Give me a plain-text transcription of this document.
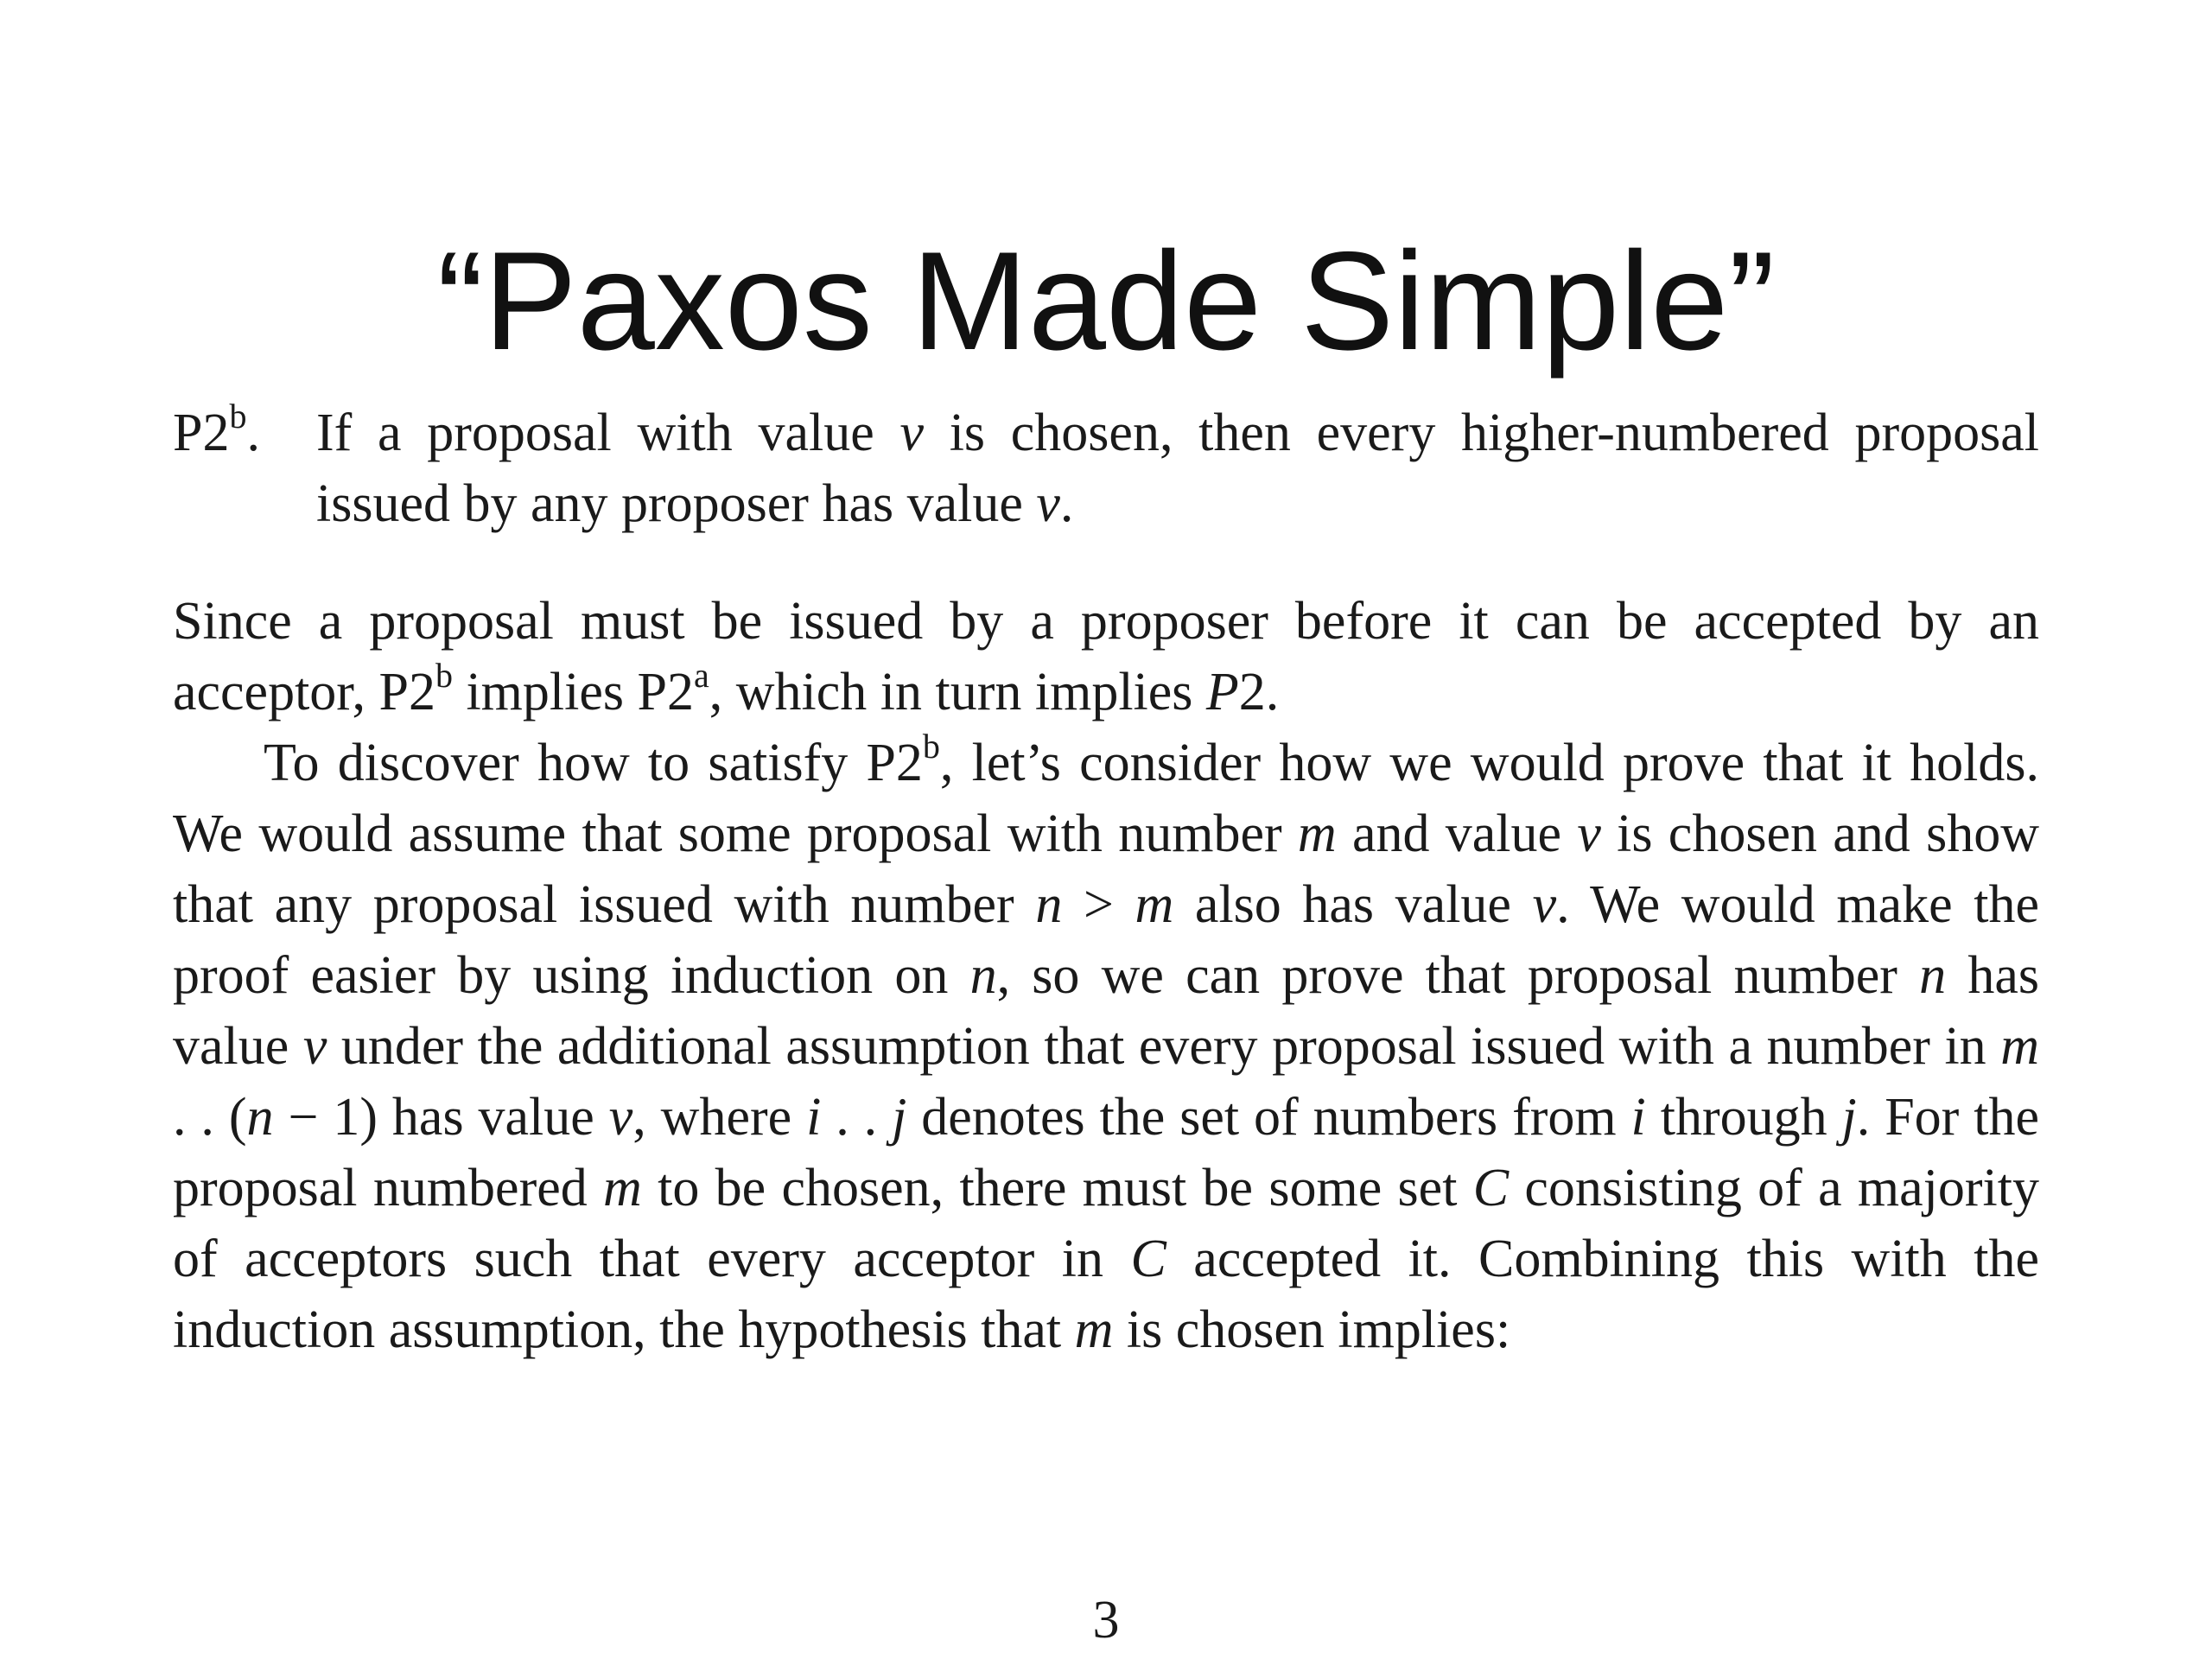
“Paxos Made Simple”
P2$^b$. If a proposal with value v is chosen, then every higher-numbered proposal issued by any proposer has value v.

Since a proposal must be issued by a proposer before it can be accepted by an acceptor, P2$^b$ implies P2$^a$, which in turn implies P2.

To discover how to satisfy P2$^b$, let’s consider how we would prove that it holds. We would assume that some proposal with number m and value v is chosen and show that any proposal issued with number n > m also has value v. We would make the proof easier by using induction on n, so we can prove that proposal number n has value v under the additional assumption that every proposal issued with a number in m . . (n − 1) has value v, where i . . j denotes the set of numbers from i through j. For the proposal numbered m to be chosen, there must be some set C consisting of a majority of acceptors such that every acceptor in C accepted it. Combining this with the induction assumption, the hypothesis that m is chosen implies:

3
